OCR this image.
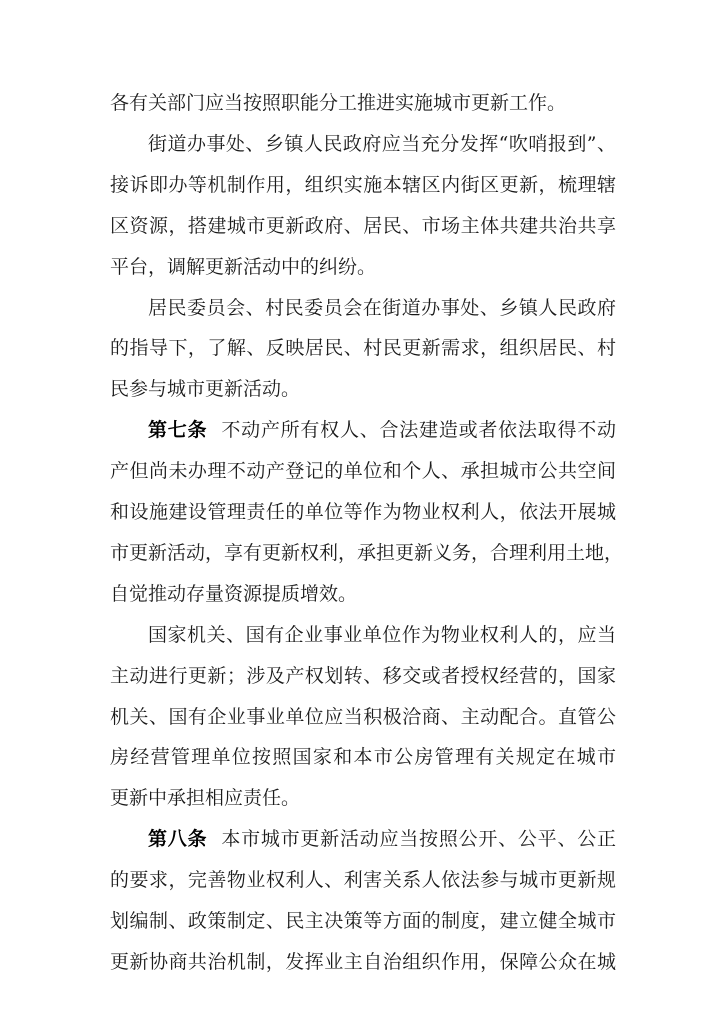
各有关部门应当按照职能分工推进实施城市更新工作。
街道办事处、乡镇人民政府应当充分发挥“吹哨报到”、
接诉即办等机制作用，组织实施本辖区内街区更新，梳理辖
区资源，搭建城市更新政府、居民、市场主体共建共治共享
平台，调解更新活动中的纠纷。
居民委员会、村民委员会在街道办事处、乡镇人民政府
的指导下，了解、反映居民、村民更新需求，组织居民、村
民参与城市更新活动。
第七条 不动产所有权人、合法建造或者依法取得不动
产但尚未办理不动产登记的单位和个人、承担城市公共空间
和设施建设管理责任的单位等作为物业权利人，依法开展城
市更新活动，享有更新权利，承担更新义务，合理利用土地，
自觉推动存量资源提质增效。
国家机关、国有企业事业单位作为物业权利人的，应当
主动进行更新；涉及产权划转、移交或者授权经营的，国家
机关、国有企业事业单位应当积极洽商、主动配合。直管公
房经营管理单位按照国家和本市公房管理有关规定在城市
更新中承担相应责任。
第八条 本市城市更新活动应当按照公开、公平、公正
的要求，完善物业权利人、利害关系人依法参与城市更新规
划编制、政策制定、民主决策等方面的制度，建立健全城市
更新协商共治机制，发挥业主自治组织作用，保障公众在城
